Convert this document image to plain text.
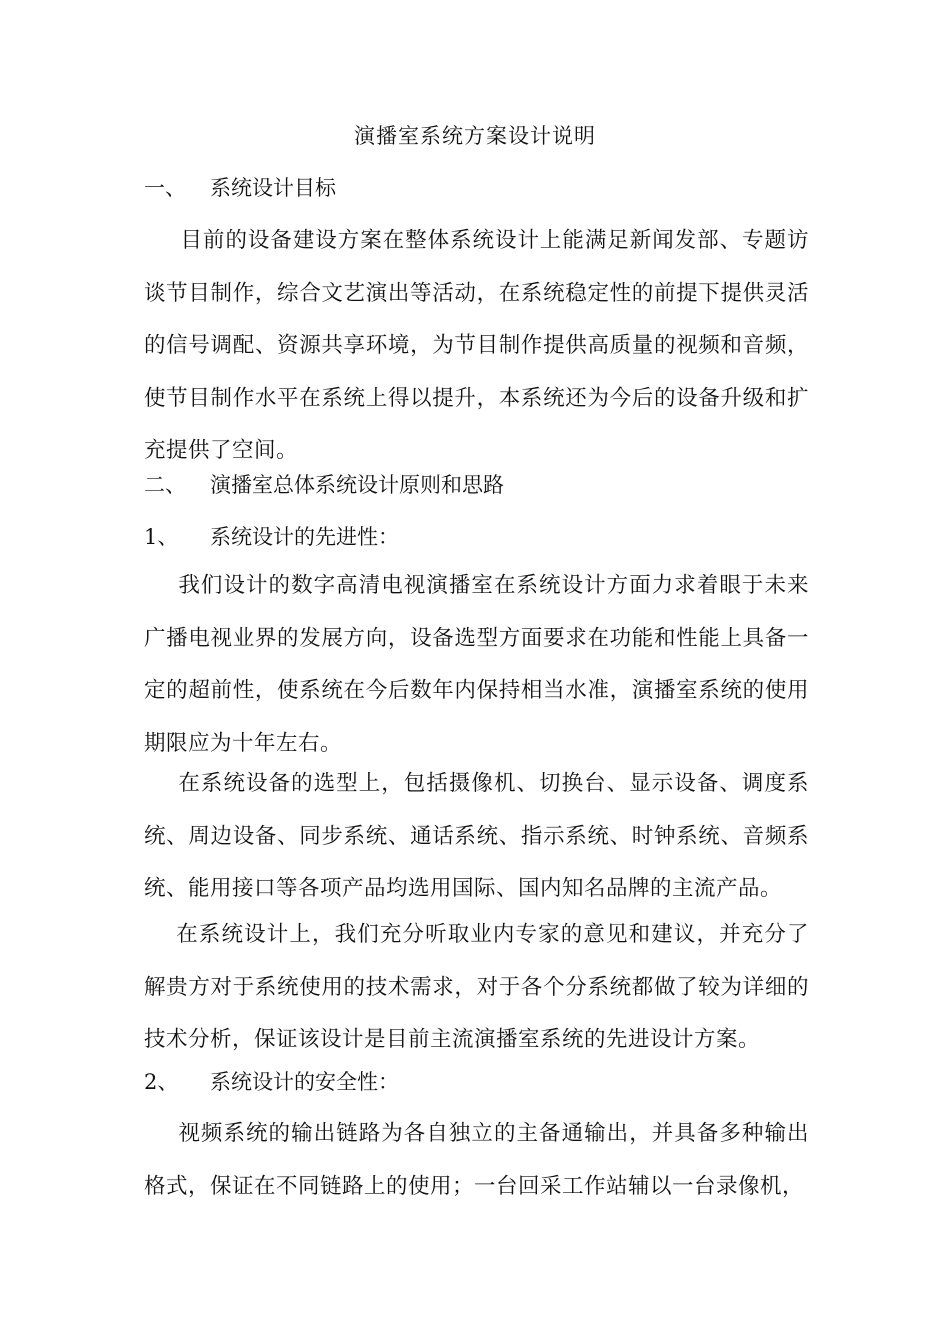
演播室系统方案设计说明
一、 系统设计目标
目前的设备建设方案在整体系统设计上能满足新闻发部、专题访谈节目制作，综合文艺演出等活动，在系统稳定性的前提下提供灵活的信号调配、资源共享环境，为节目制作提供高质量的视频和音频，使节目制作水平在系统上得以提升，本系统还为今后的设备升级和扩充提供了空间。
二、 演播室总体系统设计原则和思路
1、 系统设计的先进性：
我们设计的数字高清电视演播室在系统设计方面力求着眼于未来广播电视业界的发展方向，设备选型方面要求在功能和性能上具备一定的超前性，使系统在今后数年内保持相当水准，演播室系统的使用期限应为十年左右。
在系统设备的选型上，包括摄像机、切换台、显示设备、调度系统、周边设备、同步系统、通话系统、指示系统、时钟系统、音频系统、能用接口等各项产品均选用国际、国内知名品牌的主流产品。
在系统设计上，我们充分听取业内专家的意见和建议，并充分了解贵方对于系统使用的技术需求，对于各个分系统都做了较为详细的技术分析，保证该设计是目前主流演播室系统的先进设计方案。
2、 系统设计的安全性：
视频系统的输出链路为各自独立的主备通输出，并具备多种输出格式，保证在不同链路上的使用；一台回采工作站辅以一台录像机，
